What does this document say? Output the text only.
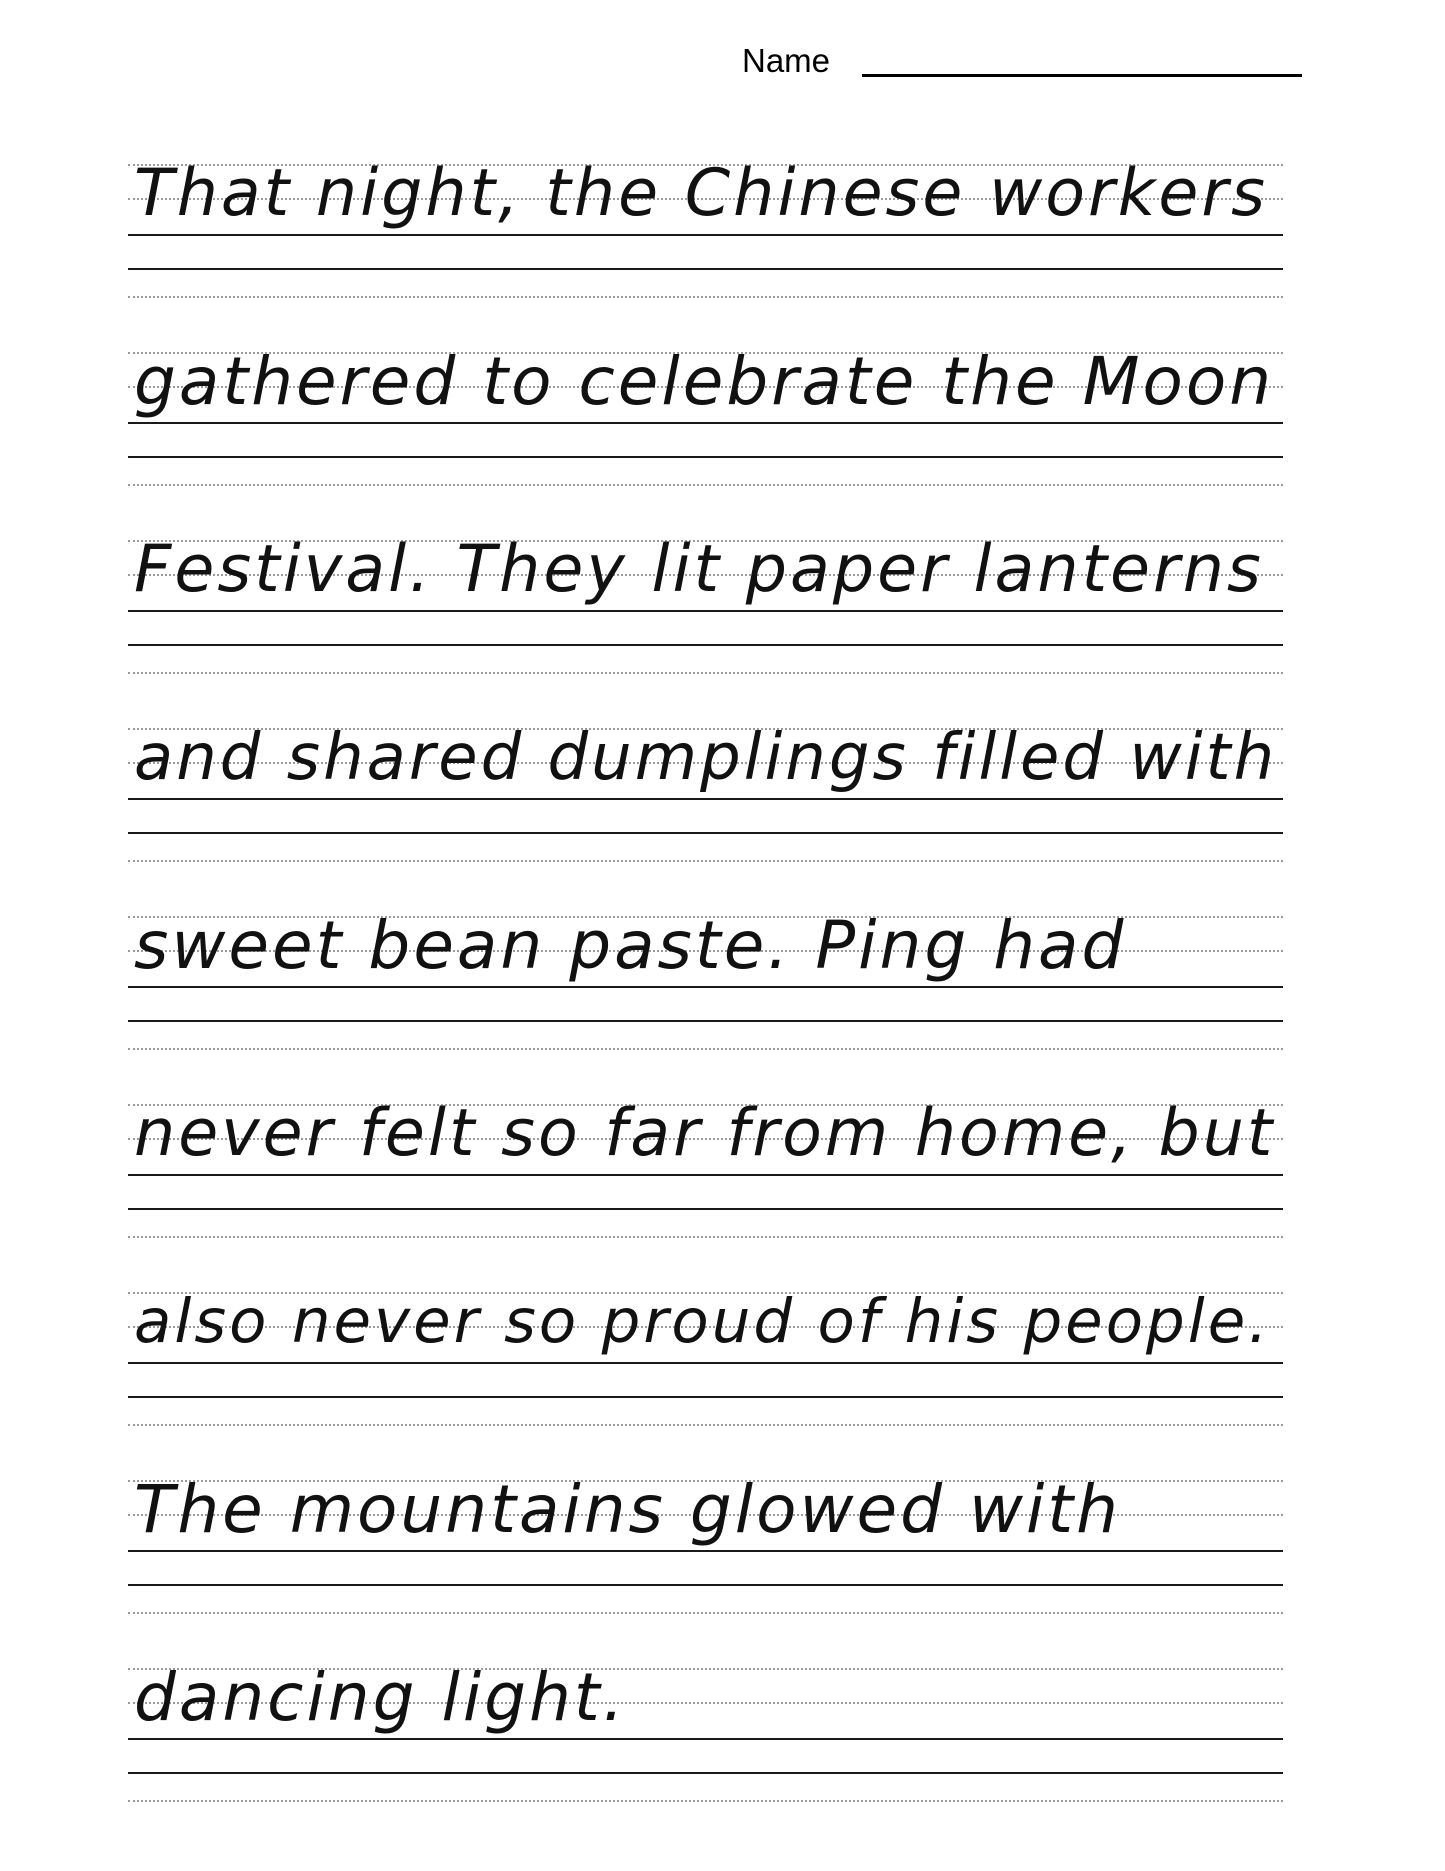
Name
That night, the Chinese workers
gathered to celebrate the Moon
Festival. They lit paper lanterns
and shared dumplings filled with
sweet bean paste. Ping had
never felt so far from home, but
also never so proud of his people.
The mountains glowed with
dancing light.
